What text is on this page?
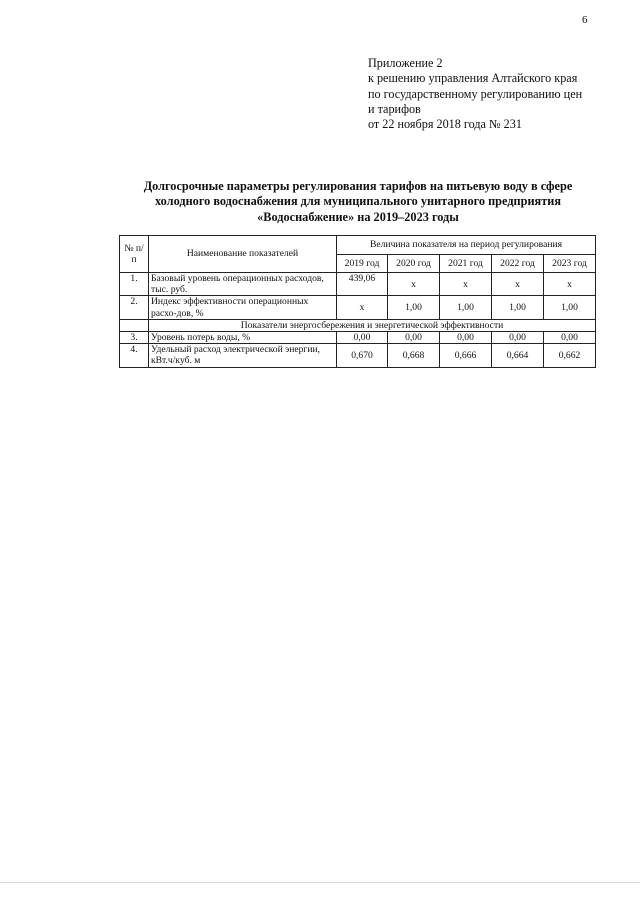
6
Приложение 2
к решению управления Алтайского края
по государственному регулированию цен
и тарифов
от 22 ноября 2018 года № 231
Долгосрочные параметры регулирования тарифов на питьевую воду в сфере
холодного водоснабжения для муниципального унитарного предприятия
«Водоснабжение» на 2019–2023 годы
№ п/п	Наименование показателей	Величина показателя на период регулирования				
		2019 год	2020 год	2021 год	2022 год	2023 год
1.	Базовый уровень операционных расходов, тыс. руб.	439,06	х	х	х	х
2.	Индекс эффективности операционных расхо-дов, %	х	1,00	1,00	1,00	1,00
	Показатели энергосбережения и энергетической эффективности					
3.	Уровень потерь воды, %	0,00	0,00	0,00	0,00	0,00
4.	Удельный расход электрической энергии, кВт.ч/куб. м	0,670	0,668	0,666	0,664	0,662
